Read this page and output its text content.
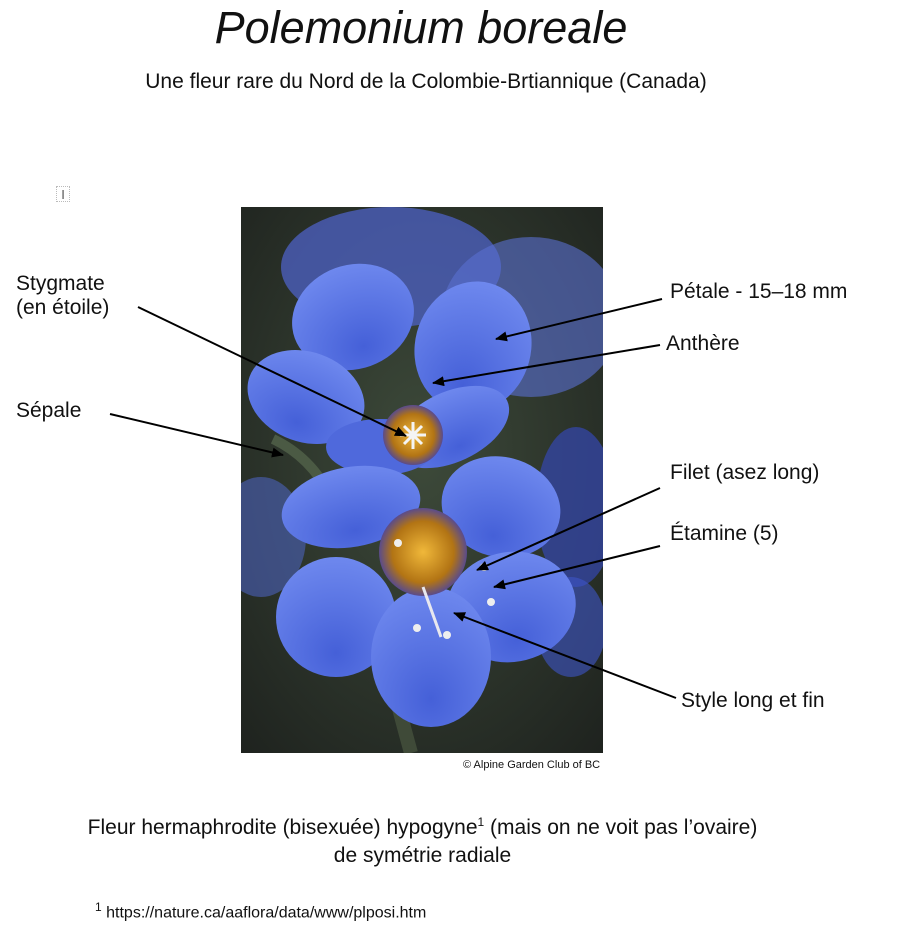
Polemonium boreale
Une fleur rare du Nord de la Colombie-Brtiannique (Canada)
I
© Alpine Garden Club of BC
Stygmate
(en étoile)
Sépale
Pétale - 15–18 mm
Anthère
Filet (asez long)
Étamine (5)
Style long et fin
Fleur hermaphrodite (bisexuée) hypogyne$^1$ (mais on ne voit pas l’ovaire)
de symétrie radiale
$^1$ https://nature.ca/aaflora/data/www/plposi.htm
